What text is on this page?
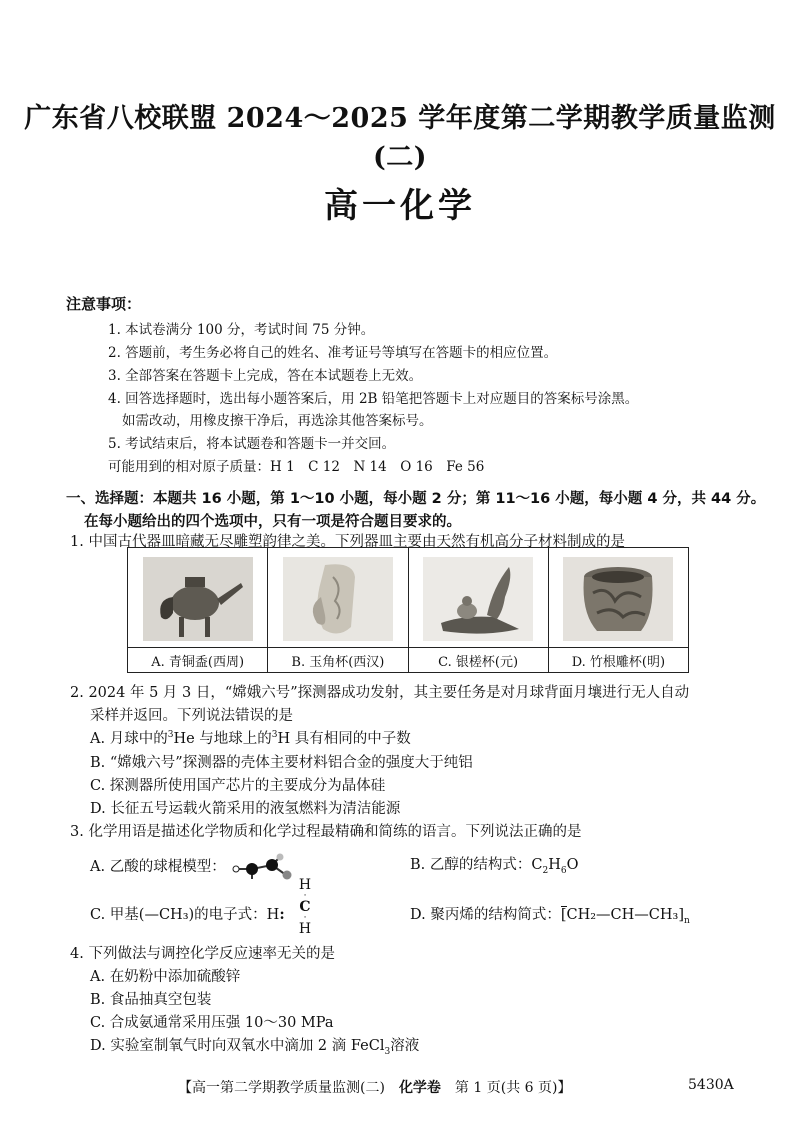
广东省八校联盟 2024～2025 学年度第二学期教学质量监测(二)
高一化学
注意事项：
1. 本试卷满分 100 分，考试时间 75 分钟。
2. 答题前，考生务必将自己的姓名、准考证号等填写在答题卡的相应位置。
3. 全部答案在答题卡上完成，答在本试题卷上无效。
4. 回答选择题时，选出每小题答案后，用 2B 铅笔把答题卡上对应题目的答案标号涂黑。
如需改动，用橡皮擦干净后，再选涂其他答案标号。
5. 考试结束后，将本试题卷和答题卡一并交回。
可能用到的相对原子质量：H 1　C 12　N 14　O 16　Fe 56
一、选择题：本题共 16 小题，第 1～10 小题，每小题 2 分；第 11～16 小题，每小题 4 分，共 44 分。
在每小题给出的四个选项中，只有一项是符合题目要求的。
1. 中国古代器皿暗藏无尽雕塑韵律之美。下列器皿主要由天然有机高分子材料制成的是

A. 青铜盉(西周)	B. 玉角杯(西汉)	C. 银槎杯(元)	D. 竹根雕杯(明)
2. 2024 年 5 月 3 日，“嫦娥六号”探测器成功发射，其主要任务是对月球背面月壤进行无人自动
采样并返回。下列说法错误的是
A. 月球中的$^3$He 与地球上的$^3$H 具有相同的中子数
B. “嫦娥六号”探测器的壳体主要材料铝合金的强度大于纯铝
C. 探测器所使用国产芯片的主要成分为晶体硅
D. 长征五号运载火箭采用的液氢燃料为清洁能源
3. 化学用语是描述化学物质和化学过程最精确和简练的语言。下列说法正确的是
A. 乙酸的球棍模型：	B. 乙醇的结构式：$C_2H_6O$
C. 甲基(—CH₃)的电子式：H:
H
·
C
·
H
D. 聚丙烯的结构简式：$[CH_2—CH—CH_3]_n$
4. 下列做法与调控化学反应速率无关的是
A. 在奶粉中添加硫酸锌
B. 食品抽真空包装
C. 合成氨通常采用压强 10～30 MPa
D. 实验室制氧气时向双氧水中滴加 2 滴 FeCl$_3$溶液
【高一第二学期教学质量监测(二)　化学卷　第 1 页(共 6 页)】	5430A
